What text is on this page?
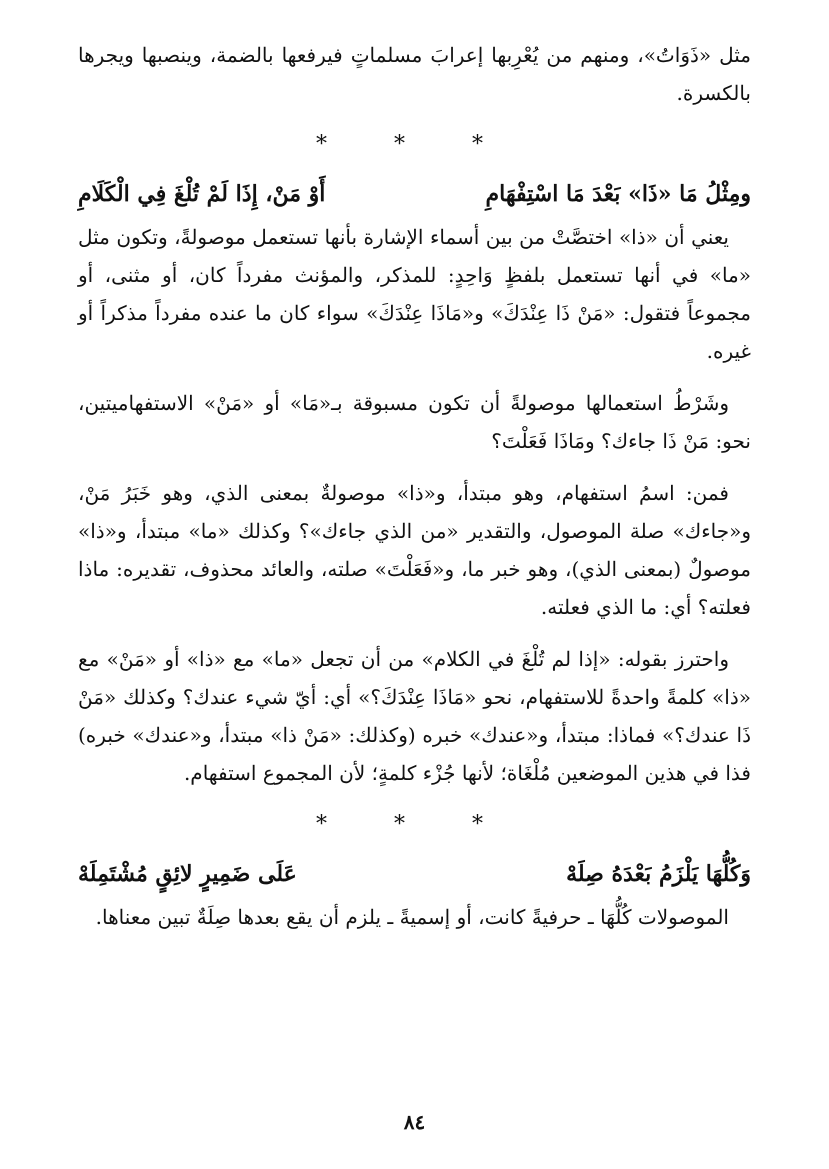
مثل «ذَوَاتُ»، ومنهم من يُعْرِبها إعرابَ مسلماتٍ فيرفعها بالضمة، وينصبها ويجرها بالكسرة.

* * *
ومِثْلُ مَا «ذَا» بَعْدَ مَا اسْتِفْهَامِ
أَوْ مَنْ، إِذَا لَمْ تُلْغَ فِي الْكَلَامِ

يعني أن «ذا» اختصَّتْ من بين أسماء الإشارة بأنها تستعمل موصولةً، وتكون مثل «ما» في أنها تستعمل بلفظٍ وَاحِدٍ: للمذكر، والمؤنث مفرداً كان، أو مثنى، أو مجموعاً فتقول: «مَنْ ذَا عِنْدَكَ» و«مَاذَا عِنْدَكَ» سواء كان ما عنده مفرداً مذكراً أو غيره.

وشَرْطُ استعمالها موصولةً أن تكون مسبوقة بـ«مَا» أو «مَنْ» الاستفهاميتين، نحو: مَنْ ذَا جاءك؟ ومَاذَا فَعَلْتَ؟

فمن: اسمُ استفهام، وهو مبتدأ، و«ذا» موصولةٌ بمعنى الذي، وهو خَبَرُ مَنْ، و«جاءك» صلة الموصول، والتقدير «من الذي جاءك»؟ وكذلك «ما» مبتدأ، و«ذا» موصولٌ (بمعنى الذي)، وهو خبر ما، و«فَعَلْتَ» صلته، والعائد محذوف، تقديره: ماذا فعلته؟ أي: ما الذي فعلته.

واحترز بقوله: «إذا لم تُلْغَ في الكلام» من أن تجعل «ما» مع «ذا» أو «مَنْ» مع «ذا» كلمةً واحدةً للاستفهام، نحو «مَاذَا عِنْدَكَ؟» أي: أيّ شيء عندك؟ وكذلك «مَنْ ذَا عندك؟» فماذا: مبتدأ، و«عندك» خبره (وكذلك: «مَنْ ذا» مبتدأ، و«عندك» خبره) فذا في هذين الموضعين مُلْغَاة؛ لأنها جُزْء كلمةٍ؛ لأن المجموع استفهام.

* * *
وَكُلُّهَا يَلْزَمُ بَعْدَهُ صِلَهْ
عَلَى ضَمِيرٍ لائِقٍ مُشْتَمِلَهْ

الموصولات كُلُّهَا ـ حرفيةً كانت، أو إسميةً ـ يلزم أن يقع بعدها صِلَةٌ تبين معناها.

٨٤
